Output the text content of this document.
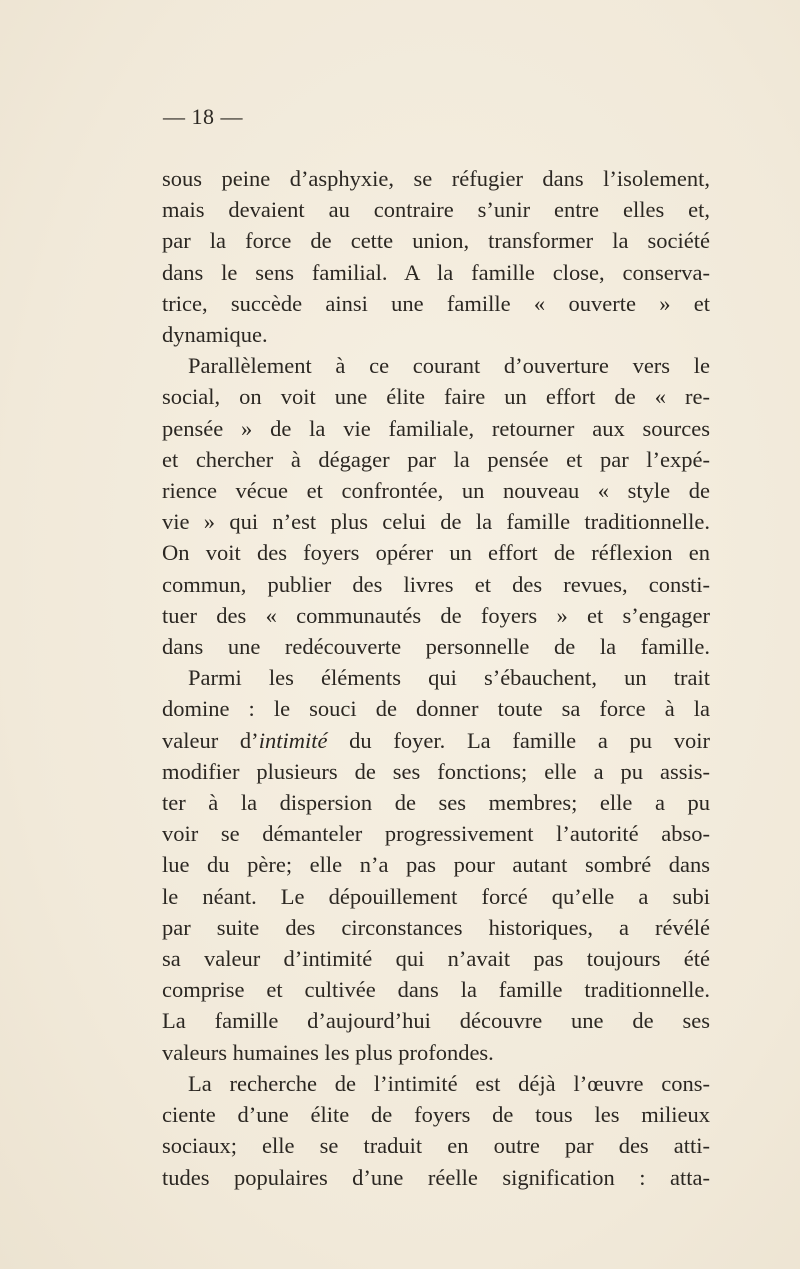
— 18 —
sous peine d’asphyxie, se réfugier dans l’isolement,
mais devaient au contraire s’unir entre elles et,
par la force de cette union, transformer la société
dans le sens familial. A la famille close, conserva-
trice, succède ainsi une famille « ouverte » et
dynamique.
Parallèlement à ce courant d’ouverture vers le
social, on voit une élite faire un effort de « re-
pensée » de la vie familiale, retourner aux sources
et chercher à dégager par la pensée et par l’expé-
rience vécue et confrontée, un nouveau « style de
vie » qui n’est plus celui de la famille traditionnelle.
On voit des foyers opérer un effort de réflexion en
commun, publier des livres et des revues, consti-
tuer des « communautés de foyers » et s’engager
dans une redécouverte personnelle de la famille.
Parmi les éléments qui s’ébauchent, un trait
domine : le souci de donner toute sa force à la
valeur d’intimité du foyer. La famille a pu voir
modifier plusieurs de ses fonctions; elle a pu assis-
ter à la dispersion de ses membres; elle a pu
voir se démanteler progressivement l’autorité abso-
lue du père; elle n’a pas pour autant sombré dans
le néant. Le dépouillement forcé qu’elle a subi
par suite des circonstances historiques, a révélé
sa valeur d’intimité qui n’avait pas toujours été
comprise et cultivée dans la famille traditionnelle.
La famille d’aujourd’hui découvre une de ses
valeurs humaines les plus profondes.
La recherche de l’intimité est déjà l’œuvre cons-
ciente d’une élite de foyers de tous les milieux
sociaux; elle se traduit en outre par des atti-
tudes populaires d’une réelle signification : atta-
